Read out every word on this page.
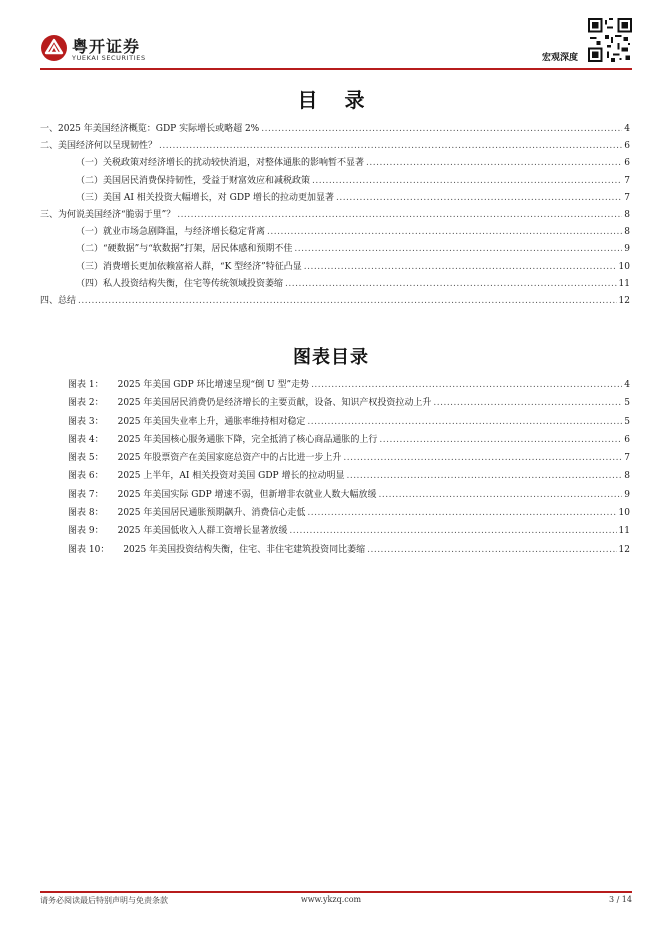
粤开证券
YUEKAI SECURITIES	宏观深度
目 录
一、2025 年美国经济概览：GDP 实际增长或略超 2% .....	4
二、美国经济何以呈现韧性？ .....	6
（一）关税政策对经济增长的扰动较快消退，对整体通胀的影响暂不显著 .....	6
（二）美国居民消费保持韧性，受益于财富效应和减税政策 .....	7
（三）美国 AI 相关投资大幅增长，对 GDP 增长的拉动更加显著 .....	7
三、为何说美国经济“脆弱于里”？ .....	8
（一）就业市场急剧降温，与经济增长稳定背离 .....	8
（二）“硬数据”与“软数据”打架，居民体感和预期不佳 .....	9
（三）消费增长更加依赖富裕人群，“K 型经济”特征凸显 .....	10
（四）私人投资结构失衡，住宅等传统领域投资萎缩 .....	11
四、总结 .....	12
图表目录
图表 1： 2025 年美国 GDP 环比增速呈现“倒 U 型”走势 .....	4
图表 2： 2025 年美国居民消费仍是经济增长的主要贡献，设备、知识产权投资拉动上升 .....	5
图表 3： 2025 年美国失业率上升，通胀率维持相对稳定 .....	5
图表 4： 2025 年美国核心服务通胀下降，完全抵消了核心商品通胀的上行 .....	6
图表 5： 2025 年股票资产在美国家庭总资产中的占比进一步上升 .....	7
图表 6： 2025 上半年，AI 相关投资对美国 GDP 增长的拉动明显 .....	8
图表 7： 2025 年美国实际 GDP 增速不弱，但新增非农就业人数大幅放缓 .....	9
图表 8： 2025 年美国居民通胀预期飙升、消费信心走低 .....	10
图表 9： 2025 年美国低收入人群工资增长显著放缓 .....	11
图表 10： 2025 年美国投资结构失衡，住宅、非住宅建筑投资同比萎缩 .....	12
请务必阅读最后特别声明与免责条款	www.ykzq.com	3 / 14
